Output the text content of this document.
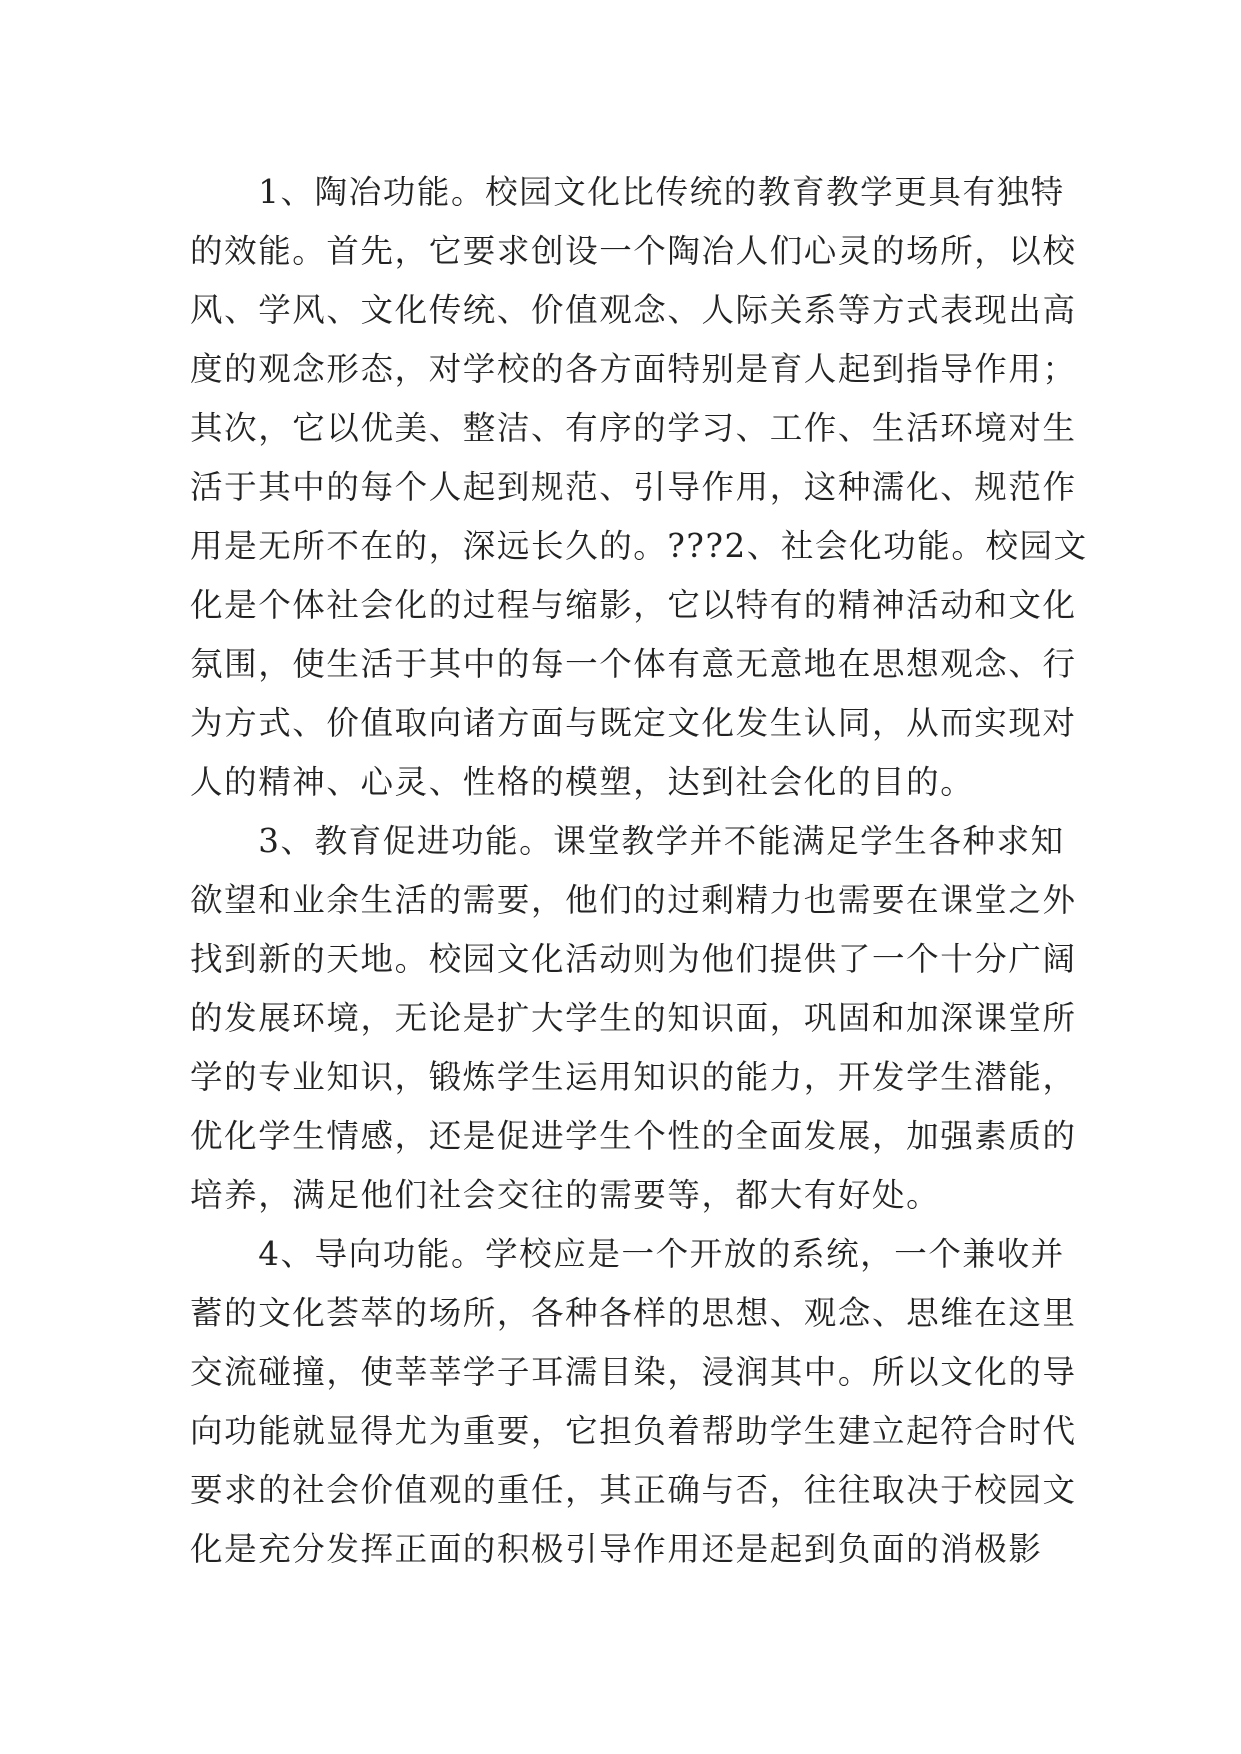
　　1、陶冶功能。校园文化比传统的教育教学更具有独特
的效能。首先，它要求创设一个陶冶人们心灵的场所，以校
风、学风、文化传统、价值观念、人际关系等方式表现出高
度的观念形态，对学校的各方面特别是育人起到指导作用；
其次，它以优美、整洁、有序的学习、工作、生活环境对生
活于其中的每个人起到规范、引导作用，这种濡化、规范作
用是无所不在的，深远长久的。???2、社会化功能。校园文
化是个体社会化的过程与缩影，它以特有的精神活动和文化
氛围，使生活于其中的每一个体有意无意地在思想观念、行
为方式、价值取向诸方面与既定文化发生认同，从而实现对
人的精神、心灵、性格的模塑，达到社会化的目的。
　　3、教育促进功能。课堂教学并不能满足学生各种求知
欲望和业余生活的需要，他们的过剩精力也需要在课堂之外
找到新的天地。校园文化活动则为他们提供了一个十分广阔
的发展环境，无论是扩大学生的知识面，巩固和加深课堂所
学的专业知识，锻炼学生运用知识的能力，开发学生潜能，
优化学生情感，还是促进学生个性的全面发展，加强素质的
培养，满足他们社会交往的需要等，都大有好处。
　　4、导向功能。学校应是一个开放的系统，一个兼收并
蓄的文化荟萃的场所，各种各样的思想、观念、思维在这里
交流碰撞，使莘莘学子耳濡目染，浸润其中。所以文化的导
向功能就显得尤为重要，它担负着帮助学生建立起符合时代
要求的社会价值观的重任，其正确与否，往往取决于校园文
化是充分发挥正面的积极引导作用还是起到负面的消极影
